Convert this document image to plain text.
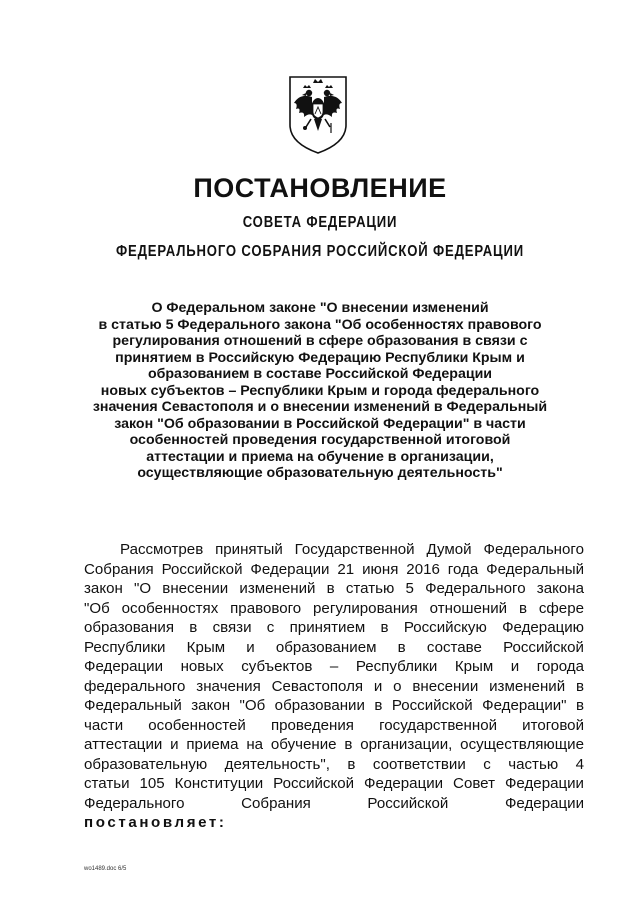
ПОСТАНОВЛЕНИЕ
СОВЕТА ФЕДЕРАЦИИ
ФЕДЕРАЛЬНОГО СОБРАНИЯ РОССИЙСКОЙ ФЕДЕРАЦИИ
О Федеральном законе "О внесении изменений
в статью 5 Федерального закона "Об особенностях правового
регулирования отношений в сфере образования в связи с
принятием в Российскую Федерацию Республики Крым и
образованием в составе Российской Федерации
новых субъектов – Республики Крым и города федерального
значения Севастополя и о внесении изменений в Федеральный
закон "Об образовании в Российской Федерации" в части
особенностей проведения государственной итоговой
аттестации и приема на обучение в организации,
осуществляющие образовательную деятельность"
Рассмотрев принятый Государственной Думой Федерального
Собрания Российской Федерации 21 июня 2016 года Федеральный
закон "О внесении изменений в статью 5 Федерального закона
"Об особенностях правового регулирования отношений в сфере
образования в связи с принятием в Российскую Федерацию
Республики Крым и образованием в составе Российской
Федерации новых субъектов – Республики Крым и города
федерального значения Севастополя и о внесении изменений в
Федеральный закон "Об образовании в Российской Федерации" в
части особенностей проведения государственной итоговой
аттестации и приема на обучение в организации, осуществляющие
образовательную деятельность", в соответствии с частью 4
статьи 105 Конституции Российской Федерации Совет Федерации
Федерального Собрания Российской Федерации
постановляет:
wo1489.doc 6/5
